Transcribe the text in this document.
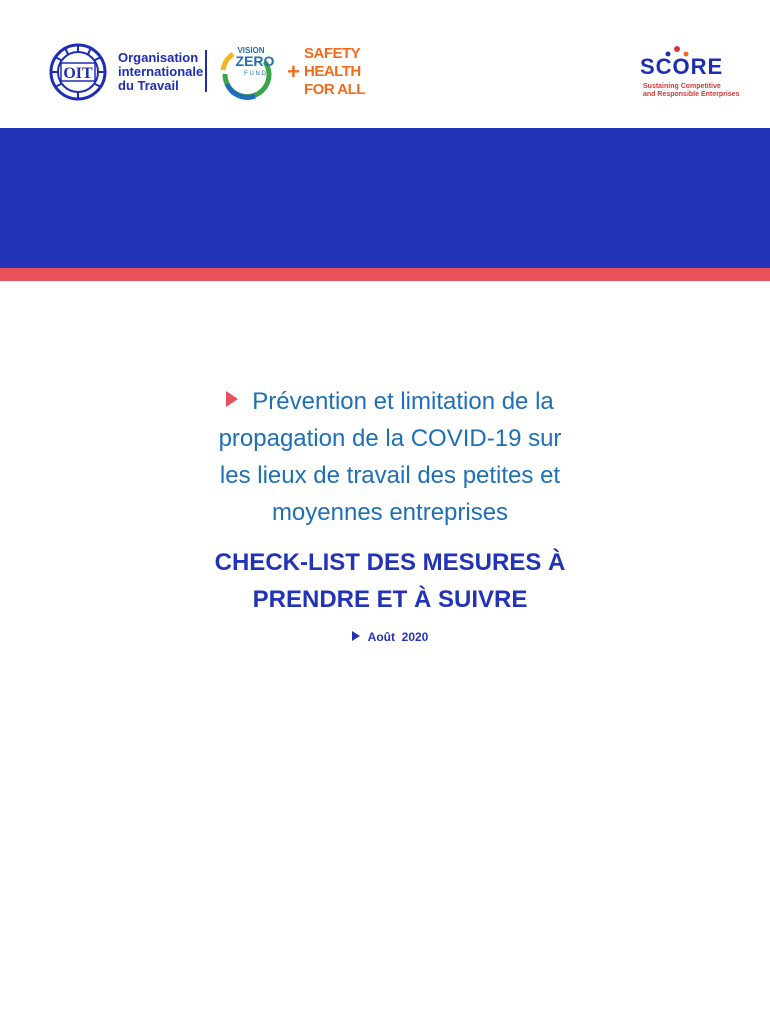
OIT
Organisation
internationale
du Travail
VISION
ZERO
F U N D +
SAFETY
HEALTH
FOR ALL
SCORE
Sustaining Competitive
and Responsible Enterprises
Prévention et limitation de la
propagation de la COVID-19 sur
les lieux de travail des petites et
moyennes entreprises
CHECK-LIST DES MESURES À
PRENDRE ET À SUIVRE
Août  2020
